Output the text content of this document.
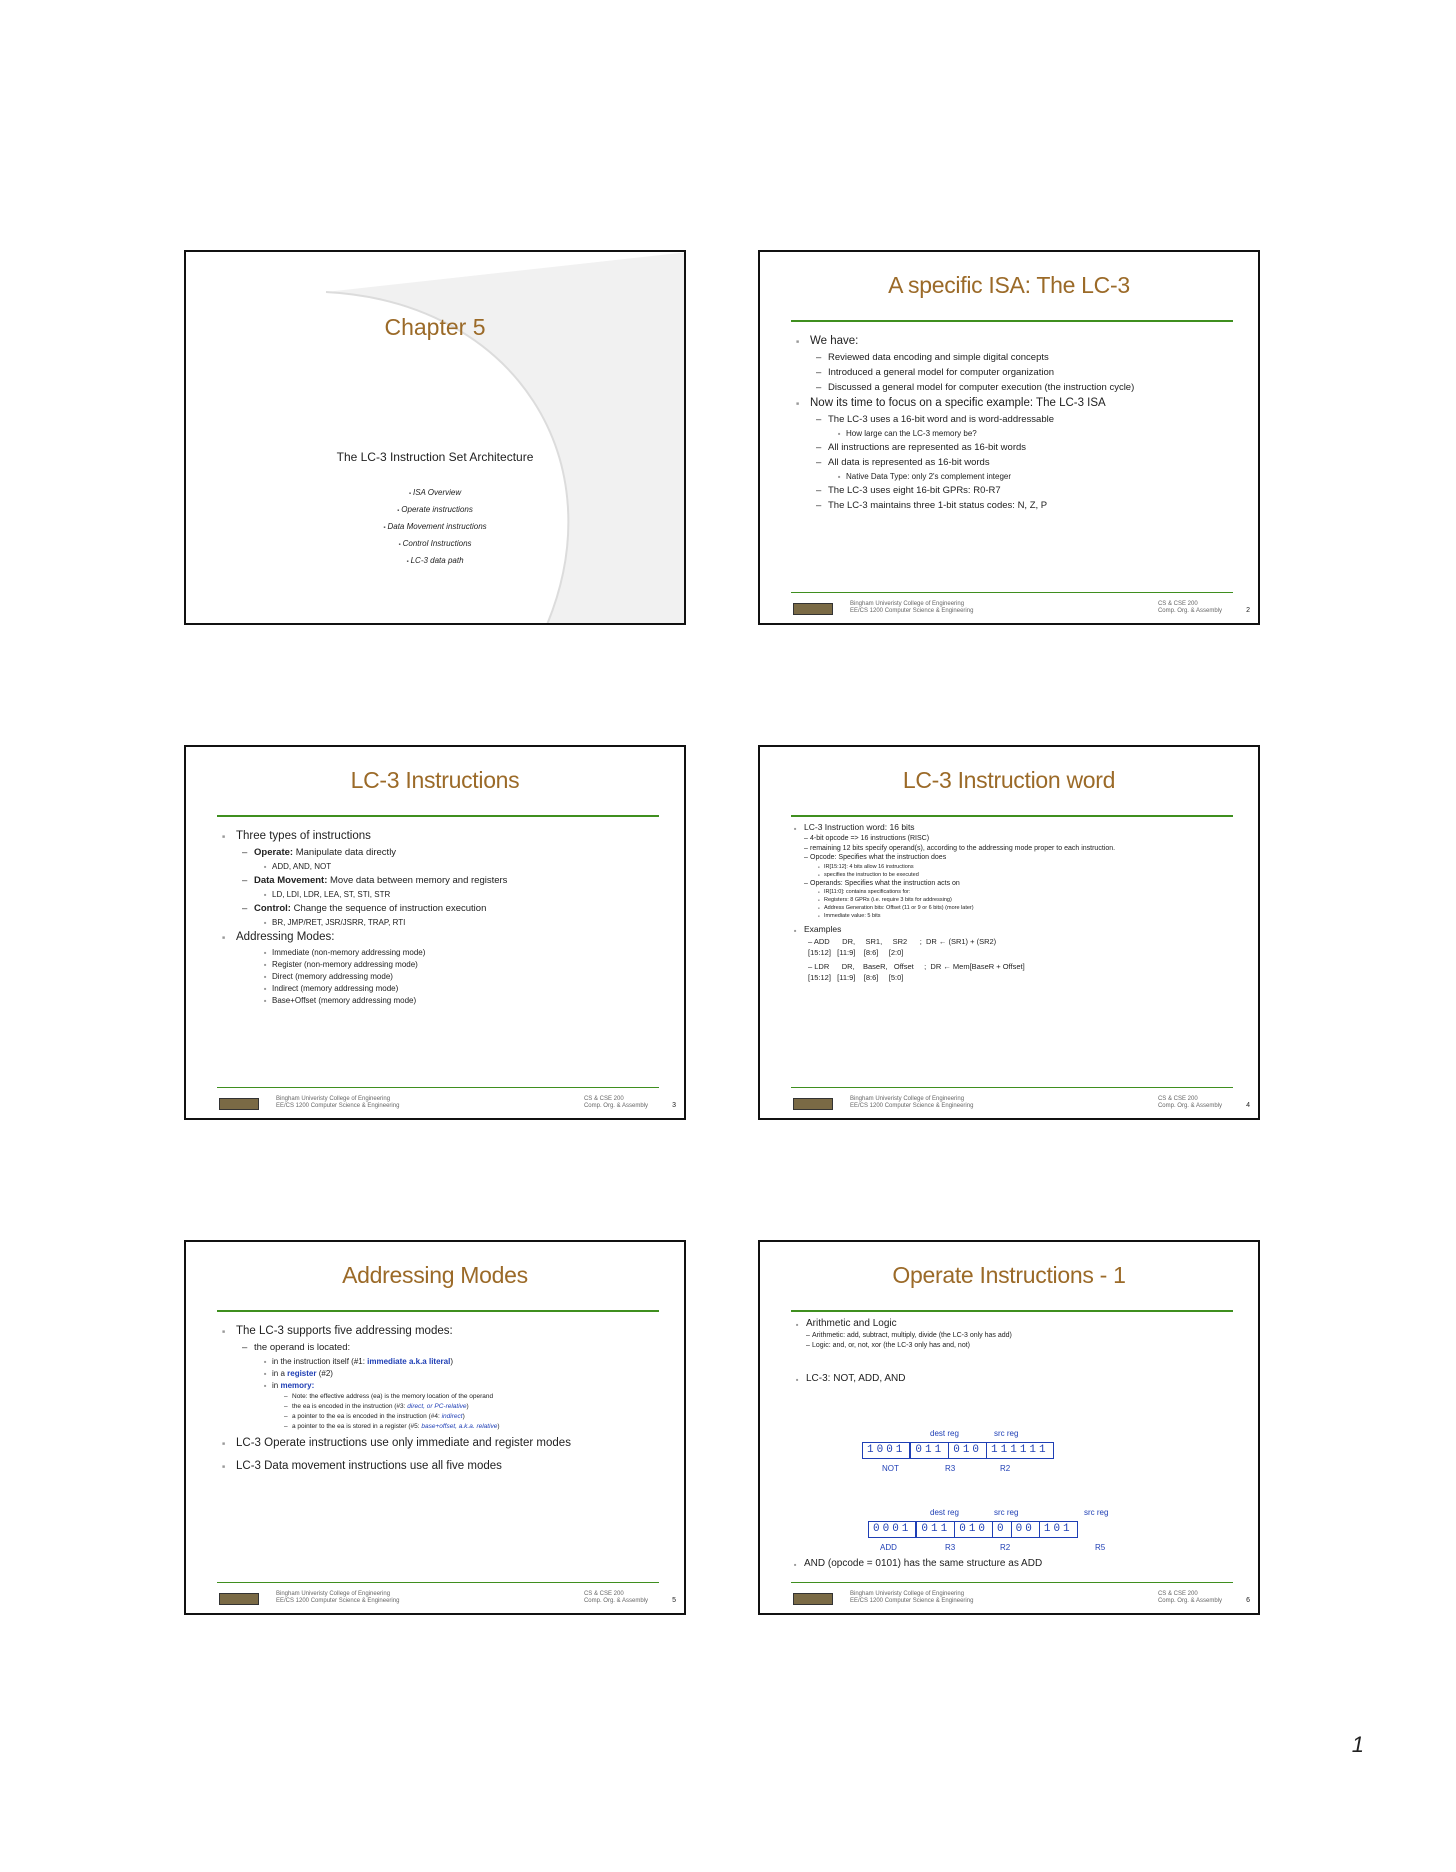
Chapter 5
The LC-3 Instruction Set Architecture
▪ ISA Overview
▪ Operate instructions
▪ Data Movement instructions
▪ Control Instructions
▪ LC-3 data path
A specific ISA: The LC-3
■ We have:
– Reviewed data encoding and simple digital concepts
– Introduced a general model for computer organization
– Discussed a general model for computer execution (the instruction cycle)
■ Now its time to focus on a specific example: The LC-3 ISA
– The LC-3 uses a 16-bit word and is word-addressable
■ How large can the LC-3 memory be?
– All instructions are represented as 16-bit words
– All data is represented as 16-bit words
■ Native Data Type: only 2's complement integer
– The LC-3 uses eight 16-bit GPRs: R0-R7
– The LC-3 maintains three 1-bit status codes: N, Z, P
Bingham Univeristy College of Engineering
EE/CS 1200 Computer Science & Engineering
CS & CSE 200
Comp. Org. & Assembly	2
LC-3 Instructions
■ Three types of instructions
– Operate: Manipulate data directly
■ ADD, AND, NOT
– Data Movement: Move data between memory and registers
■ LD, LDI, LDR, LEA, ST, STI, STR
– Control: Change the sequence of instruction execution
■ BR, JMP/RET, JSR/JSRR, TRAP, RTI
■ Addressing Modes:
■ Immediate (non-memory addressing mode)
■ Register (non-memory addressing mode)
■ Direct (memory addressing mode)
■ Indirect (memory addressing mode)
■ Base+Offset (memory addressing mode)
Bingham Univeristy College of Engineering
EE/CS 1200 Computer Science & Engineering
CS & CSE 200
Comp. Org. & Assembly	3
LC-3 Instruction word
■ LC-3 Instruction word: 16 bits
– 4-bit opcode => 16 instructions (RISC)
– remaining 12 bits specify operand(s), according to the addressing mode proper to each instruction.
– Opcode: Specifies what the instruction does
■ IR[15:12]: 4 bits allow 16 instructions
■ specifies the instruction to be executed
– Operands: Specifies what the instruction acts on
■ IR[11:0]: contains specifications for:
■ Registers: 8 GPRs (i.e. require 3 bits for addressing)
■ Address Generation bits: Offset (11 or 9 or 6 bits) (more later)
■ Immediate value: 5 bits
■ Examples
– ADD      DR,     SR1,     SR2      ;  DR ← (SR1) + (SR2)
[15:12]   [11:9]    [8:6]     [2:0]
– LDR      DR,    BaseR,   Offset     ;  DR ← Mem[BaseR + Offset]
[15:12]   [11:9]    [8:6]     [5:0]
Bingham Univeristy College of Engineering
EE/CS 1200 Computer Science & Engineering
CS & CSE 200
Comp. Org. & Assembly	4
Addressing Modes
■ The LC-3 supports five addressing modes:
– the operand is located:
■ in the instruction itself (#1: immediate a.k.a literal)
■ in a register (#2)
■ in memory:
– Note: the effective address (ea) is the memory location of the operand
– the ea is encoded in the instruction (#3: direct, or PC-relative)
– a pointer to the ea is encoded in the instruction (#4: indirect)
– a pointer to the ea is stored in a register (#5: base+offset, a.k.a. relative)
■ LC-3 Operate instructions use only immediate and register modes
■ LC-3 Data movement instructions use all five modes
Bingham Univeristy College of Engineering
EE/CS 1200 Computer Science & Engineering
CS & CSE 200
Comp. Org. & Assembly	5
Operate Instructions - 1
■ Arithmetic and Logic
– Arithmetic: add, subtract, multiply, divide (the LC-3 only has add)
– Logic: and, or, not, xor (the LC-3 only has and, not)
■ LC-3: NOT, ADD, AND
dest reg	src reg
1001 011 010 111111
NOT	R3	R2
dest reg	src reg	src reg
0001 011 010 0 00 101
ADD	R3	R2	R5
■ AND (opcode = 0101) has the same structure as ADD
Bingham Univeristy College of Engineering
EE/CS 1200 Computer Science & Engineering
CS & CSE 200
Comp. Org. & Assembly	6
1
